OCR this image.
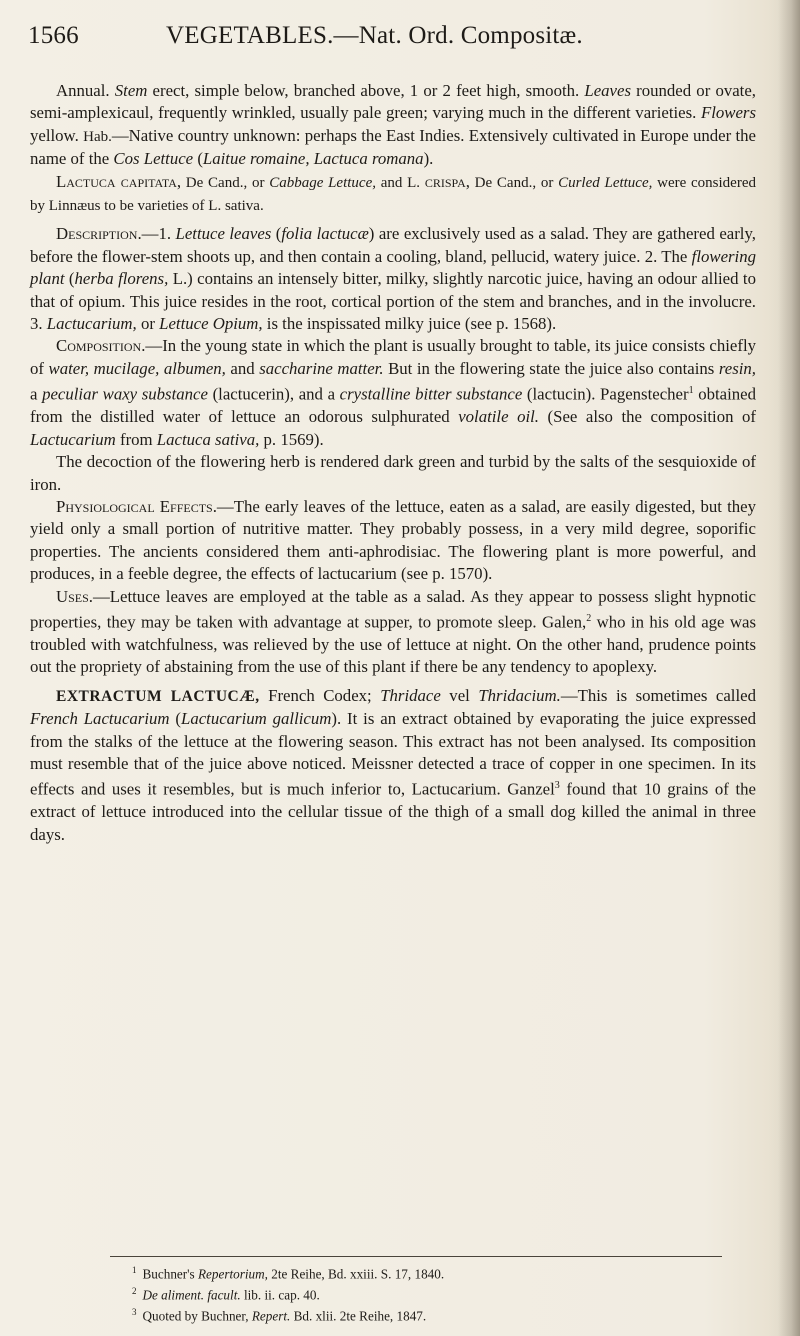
1566	VEGETABLES.—Nat. Ord. Compositæ.

Annual. Stem erect, simple below, branched above, 1 or 2 feet high, smooth. Leaves rounded or ovate, semi-amplexicaul, frequently wrinkled, usually pale green; varying much in the different varieties. Flowers yellow. Hab.—Native country unknown: perhaps the East Indies. Extensively cultivated in Europe under the name of the Cos Lettuce (Laitue romaine, Lactuca romana).

Lactuca capitata, De Cand., or Cabbage Lettuce, and L. crispa, De Cand., or Curled Lettuce, were considered by Linnæus to be varieties of L. sativa.

Description.—1. Lettuce leaves (folia lactucæ) are exclusively used as a salad. They are gathered early, before the flower-stem shoots up, and then contain a cooling, bland, pellucid, watery juice. 2. The flowering plant (herba florens, L.) contains an intensely bitter, milky, slightly narcotic juice, having an odour allied to that of opium. This juice resides in the root, cortical portion of the stem and branches, and in the involucre. 3. Lactucarium, or Lettuce Opium, is the inspissated milky juice (see p. 1568).

Composition.—In the young state in which the plant is usually brought to table, its juice consists chiefly of water, mucilage, albumen, and saccharine matter. But in the flowering state the juice also contains resin, a peculiar waxy substance (lactucerin), and a crystalline bitter substance (lactucin). Pagenstecher$^1$ obtained from the distilled water of lettuce an odorous sulphurated volatile oil. (See also the composition of Lactucarium from Lactuca sativa, p. 1569).

The decoction of the flowering herb is rendered dark green and turbid by the salts of the sesquioxide of iron.

Physiological Effects.—The early leaves of the lettuce, eaten as a salad, are easily digested, but they yield only a small portion of nutritive matter. They probably possess, in a very mild degree, soporific properties. The ancients considered them anti-aphrodisiac. The flowering plant is more powerful, and produces, in a feeble degree, the effects of lactucarium (see p. 1570).

Uses.—Lettuce leaves are employed at the table as a salad. As they appear to possess slight hypnotic properties, they may be taken with advantage at supper, to promote sleep. Galen,$^2$ who in his old age was troubled with watchfulness, was relieved by the use of lettuce at night. On the other hand, prudence points out the propriety of abstaining from the use of this plant if there be any tendency to apoplexy.

EXTRACTUM LACTUCÆ, French Codex; Thridace vel Thridacium.—This is sometimes called French Lactucarium (Lactucarium gallicum). It is an extract obtained by evaporating the juice expressed from the stalks of the lettuce at the flowering season. This extract has not been analysed. Its composition must resemble that of the juice above noticed. Meissner detected a trace of copper in one specimen. In its effects and uses it resembles, but is much inferior to, Lactucarium. Ganzel$^3$ found that 10 grains of the extract of lettuce introduced into the cellular tissue of the thigh of a small dog killed the animal in three days.

$^1$ Buchner's Repertorium, 2te Reihe, Bd. xxiii. S. 17, 1840.
$^2$ De aliment. facult. lib. ii. cap. 40.
$^3$ Quoted by Buchner, Repert. Bd. xlii. 2te Reihe, 1847.
